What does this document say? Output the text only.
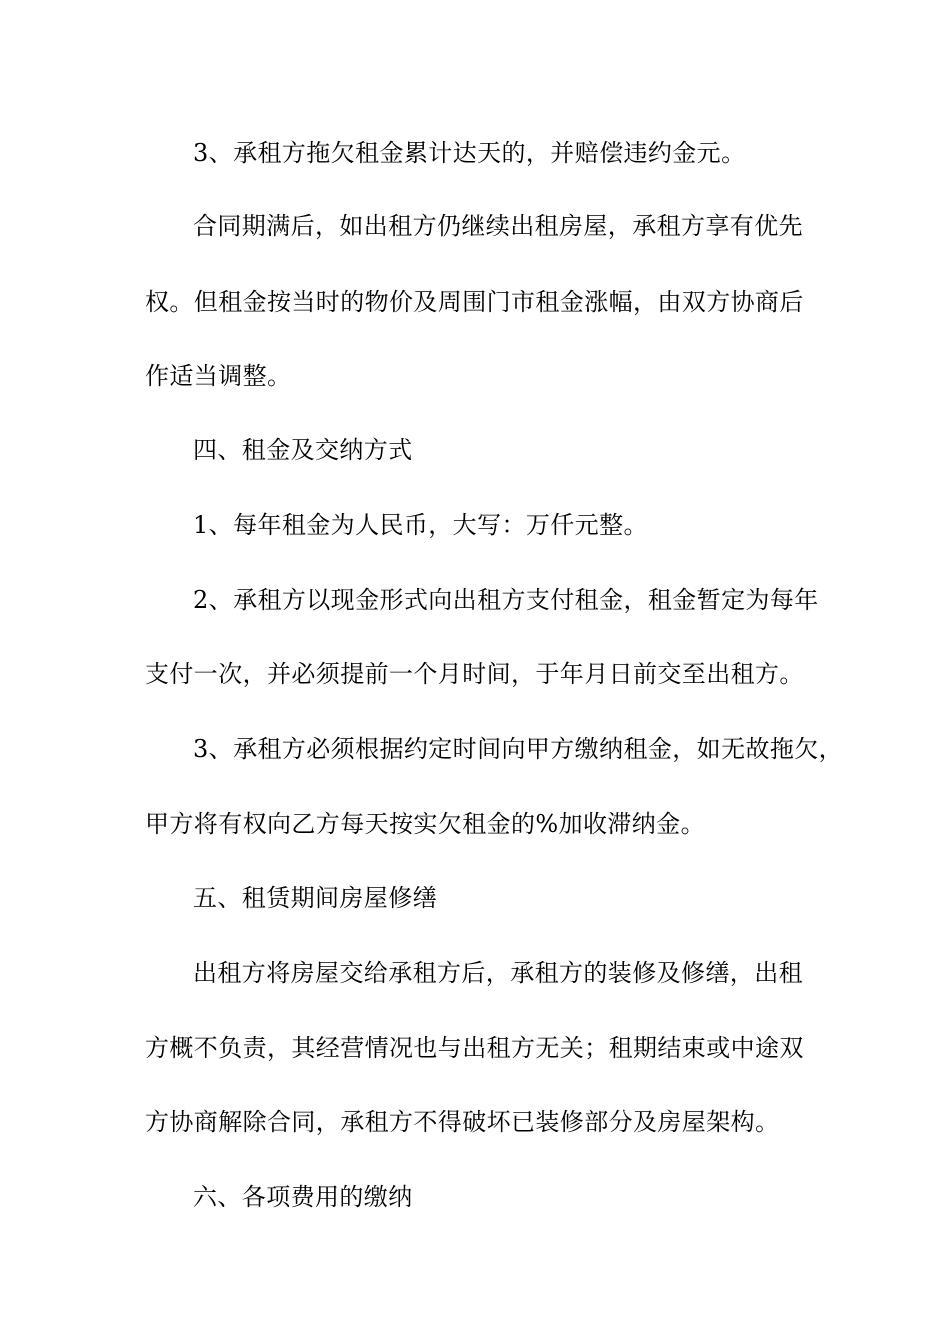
3、承租方拖欠租金累计达天的，并赔偿违约金元。
合同期满后，如出租方仍继续出租房屋，承租方享有优先
权。但租金按当时的物价及周围门市租金涨幅，由双方协商后
作适当调整。
四、租金及交纳方式
1、每年租金为人民币，大写：万仟元整。
2、承租方以现金形式向出租方支付租金，租金暂定为每年
支付一次，并必须提前一个月时间，于年月日前交至出租方。
3、承租方必须根据约定时间向甲方缴纳租金，如无故拖欠，
甲方将有权向乙方每天按实欠租金的%加收滞纳金。
五、租赁期间房屋修缮
出租方将房屋交给承租方后，承租方的装修及修缮，出租
方概不负责，其经营情况也与出租方无关；租期结束或中途双
方协商解除合同，承租方不得破坏已装修部分及房屋架构。
六、各项费用的缴纳
